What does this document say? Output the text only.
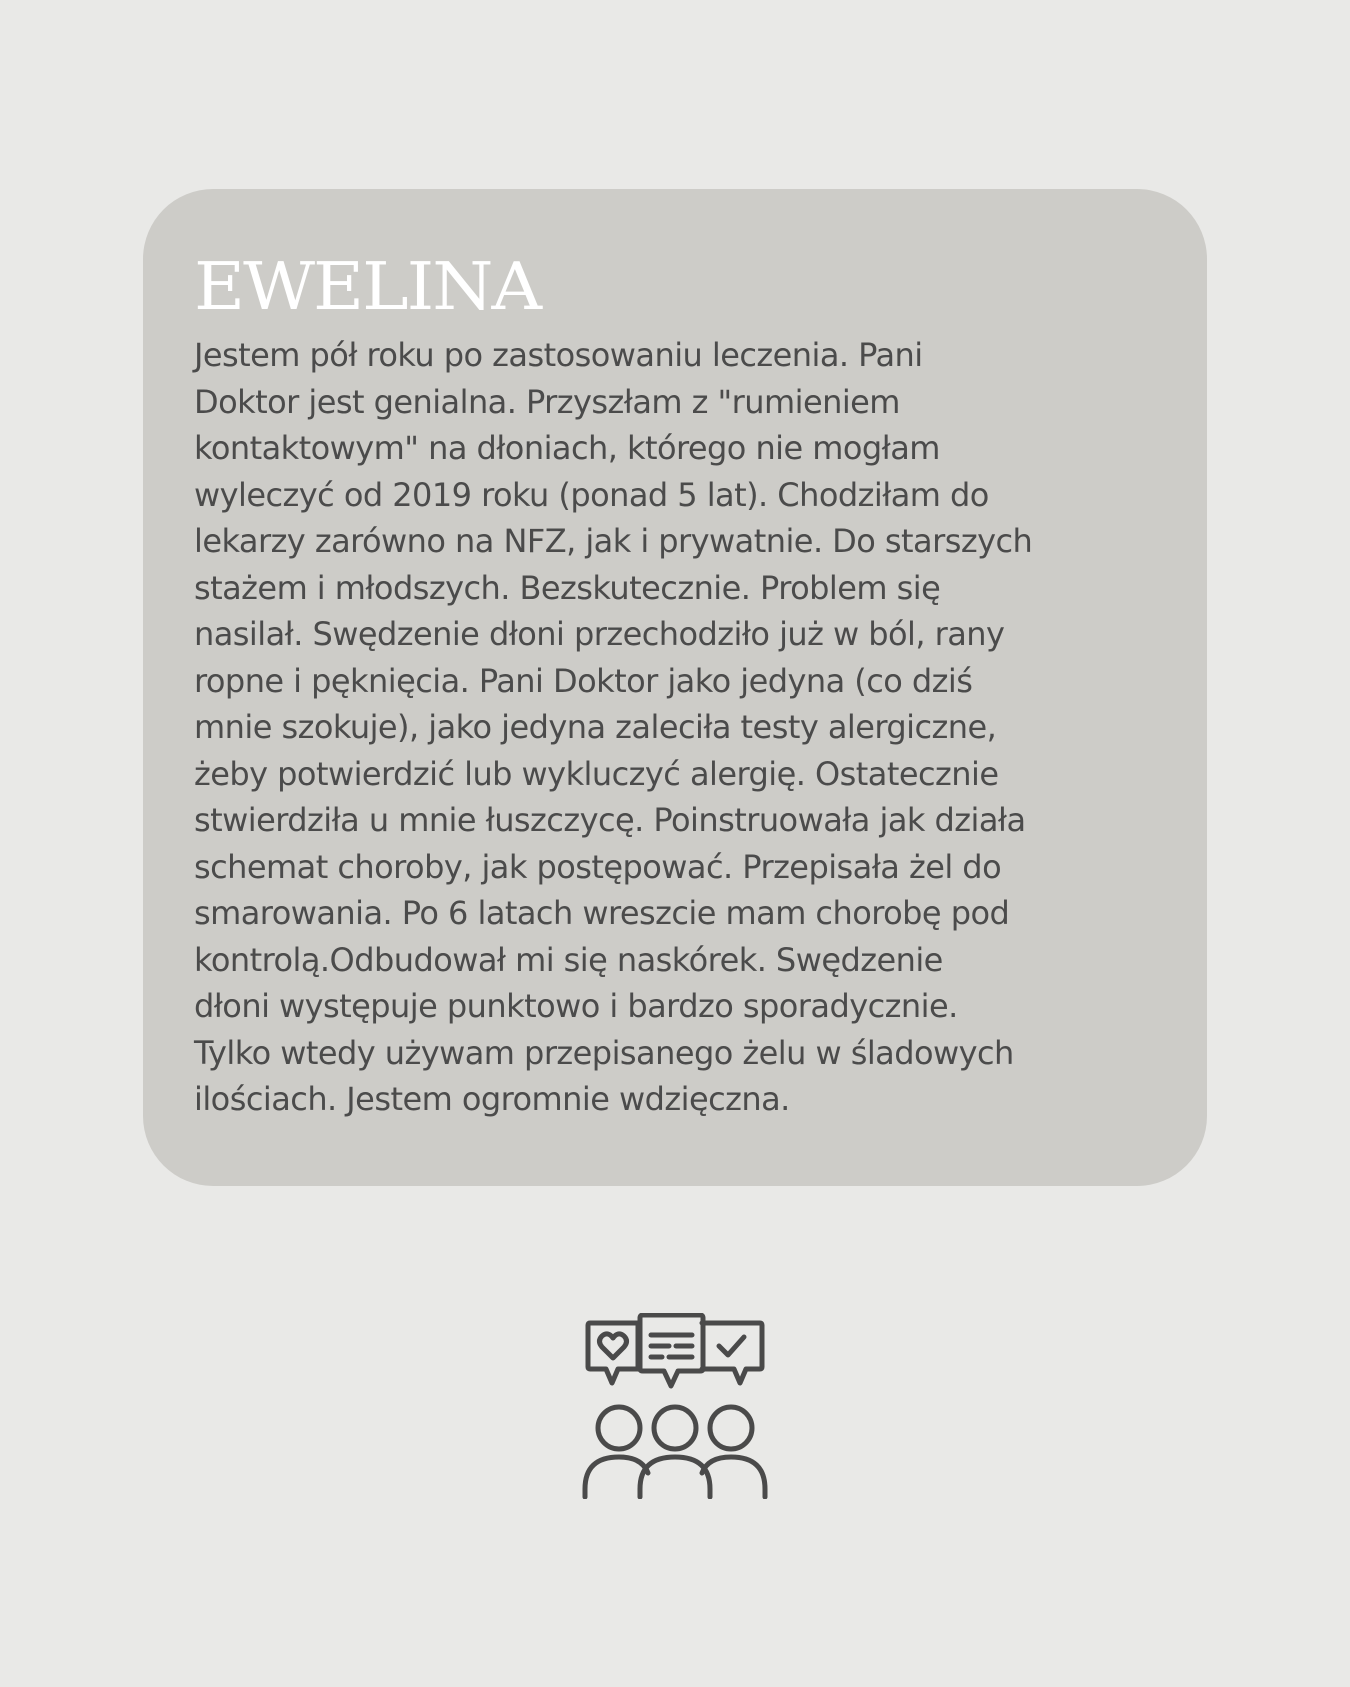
EWELINA

Jestem pół roku po zastosowaniu leczenia. Pani
Doktor jest genialna. Przyszłam z "rumieniem
kontaktowym" na dłoniach, którego nie mogłam
wyleczyć od 2019 roku (ponad 5 lat). Chodziłam do
lekarzy zarówno na NFZ, jak i prywatnie. Do starszych
stażem i młodszych. Bezskutecznie. Problem się
nasilał. Swędzenie dłoni przechodziło już w ból, rany
ropne i pęknięcia. Pani Doktor jako jedyna (co dziś
mnie szokuje), jako jedyna zaleciła testy alergiczne,
żeby potwierdzić lub wykluczyć alergię. Ostatecznie
stwierdziła u mnie łuszczycę. Poinstruowała jak działa
schemat choroby, jak postępować. Przepisała żel do
smarowania. Po 6 latach wreszcie mam chorobę pod
kontrolą.Odbudował mi się naskórek. Swędzenie
dłoni występuje punktowo i bardzo sporadycznie.
Tylko wtedy używam przepisanego żelu w śladowych
ilościach. Jestem ogromnie wdzięczna.
